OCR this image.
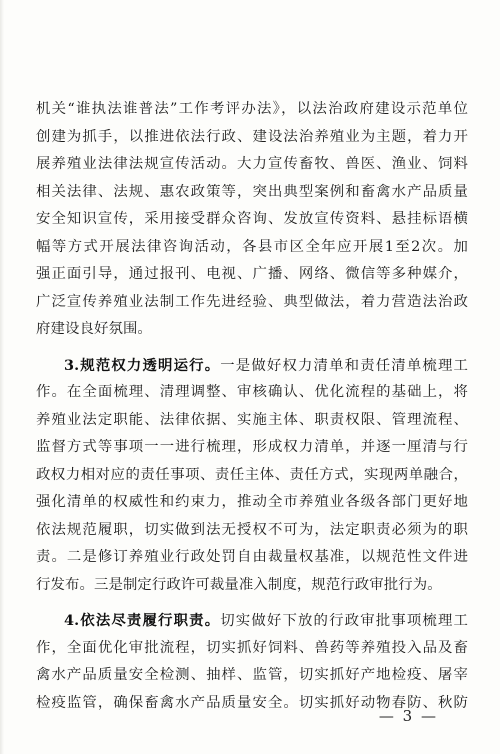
机关“谁执法谁普法”工作考评办法》，以法治政府建设示范单位
创建为抓手，以推进依法行政、建设法治养殖业为主题，着力开
展养殖业法律法规宣传活动。大力宣传畜牧、兽医、渔业、饲料
相关法律、法规、惠农政策等，突出典型案例和畜禽水产品质量
安全知识宣传，采用接受群众咨询、发放宣传资料、悬挂标语横
幅等方式开展法律咨询活动，各县市区全年应开展1至2次。加
强正面引导，通过报刊、电视、广播、网络、微信等多种媒介，
广泛宣传养殖业法制工作先进经验、典型做法，着力营造法治政
府建设良好氛围。
3.规范权力透明运行。一是做好权力清单和责任清单梳理工
作。在全面梳理、清理调整、审核确认、优化流程的基础上，将
养殖业法定职能、法律依据、实施主体、职责权限、管理流程、
监督方式等事项一一进行梳理，形成权力清单，并逐一厘清与行
政权力相对应的责任事项、责任主体、责任方式，实现两单融合，
强化清单的权威性和约束力，推动全市养殖业各级各部门更好地
依法规范履职，切实做到法无授权不可为，法定职责必须为的职
责。二是修订养殖业行政处罚自由裁量权基准，以规范性文件进
行发布。三是制定行政许可裁量准入制度，规范行政审批行为。
4.依法尽责履行职责。切实做好下放的行政审批事项梳理工
作，全面优化审批流程，切实抓好饲料、兽药等养殖投入品及畜
禽水产品质量安全检测、抽样、监管，切实抓好产地检疫、屠宰
检疫监管，确保畜禽水产品质量安全。切实抓好动物春防、秋防
— 3 —
